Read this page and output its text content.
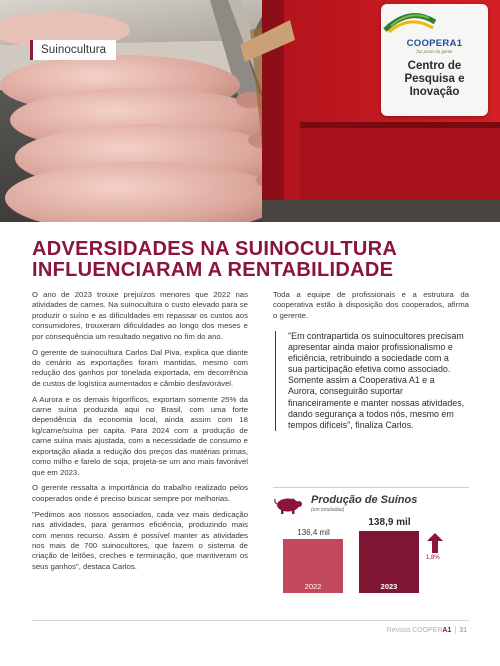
Suinocultura
COOPERA1
faz parte da gente
Centro de
Pesquisa e
Inovação
ADVERSIDADES NA SUINOCULTURA INFLUENCIARAM A RENTABILIDADE

O ano de 2023 trouxe prejuízos menores que 2022 nas atividades de carnes. Na suinocultura o custo elevado para se produzir o suíno e as dificuldades em repassar os custos aos consumidores, trouxeram dificuldades ao longo dos meses e por consequência um resultado negativo no fim do ano.

O gerente de suinocultura Carlos Dal Piva, explica que diante do cenário as exportações foram mantidas, mesmo com redução dos ganhos por tonelada exportada, em decorrência de custos de logística aumentados e câmbio desfavorável.

A Aurora e os demais frigoríficos, exportam somente 25% da carne suína produzida aqui no Brasil, com uma forte dependência da economia local, ainda assim com 18 kg/carne/suína per capita. Para 2024 com a produção de carne suína mais ajustada, com a necessidade de consumo e exportação aliada a redução dos preços das matérias primas, como milho e farelo de soja, projeta-se um ano mais favorável que em 2023.

O gerente ressalta a importância do trabalho realizado pelos cooperados onde é preciso buscar sempre por melhorias.

"Pedimos aos nossos associados, cada vez mais dedicação nas atividades, para gerarmos eficiência, produzindo mais com menos recurso. Assim é possível manter as atividades nos mais de 700 suinocultores, que fazem o sistema de criação de leitões, creches e terminação, que mantiveram os seus ganhos", destaca Carlos.

Toda a equipe de profissionais e a estrutura da cooperativa estão à disposição dos cooperados, afirma o gerente.

"Em contrapartida os suinocultores precisam apresentar ainda maior profissionalismo e eficiência, retribuindo a sociedade com a sua participação efetiva como associado. Somente assim a Cooperativa A1 e a Aurora, conseguirão suportar financeiramente e manter nossas atividades, dando segurança a todos nós, mesmo em tempos difíceis", finaliza Carlos.
Produção de Suínos
(em toneladas)
2022
136,4 mil
2023
138,9 mil
1,8%
Revista COOPERA1 | 31
